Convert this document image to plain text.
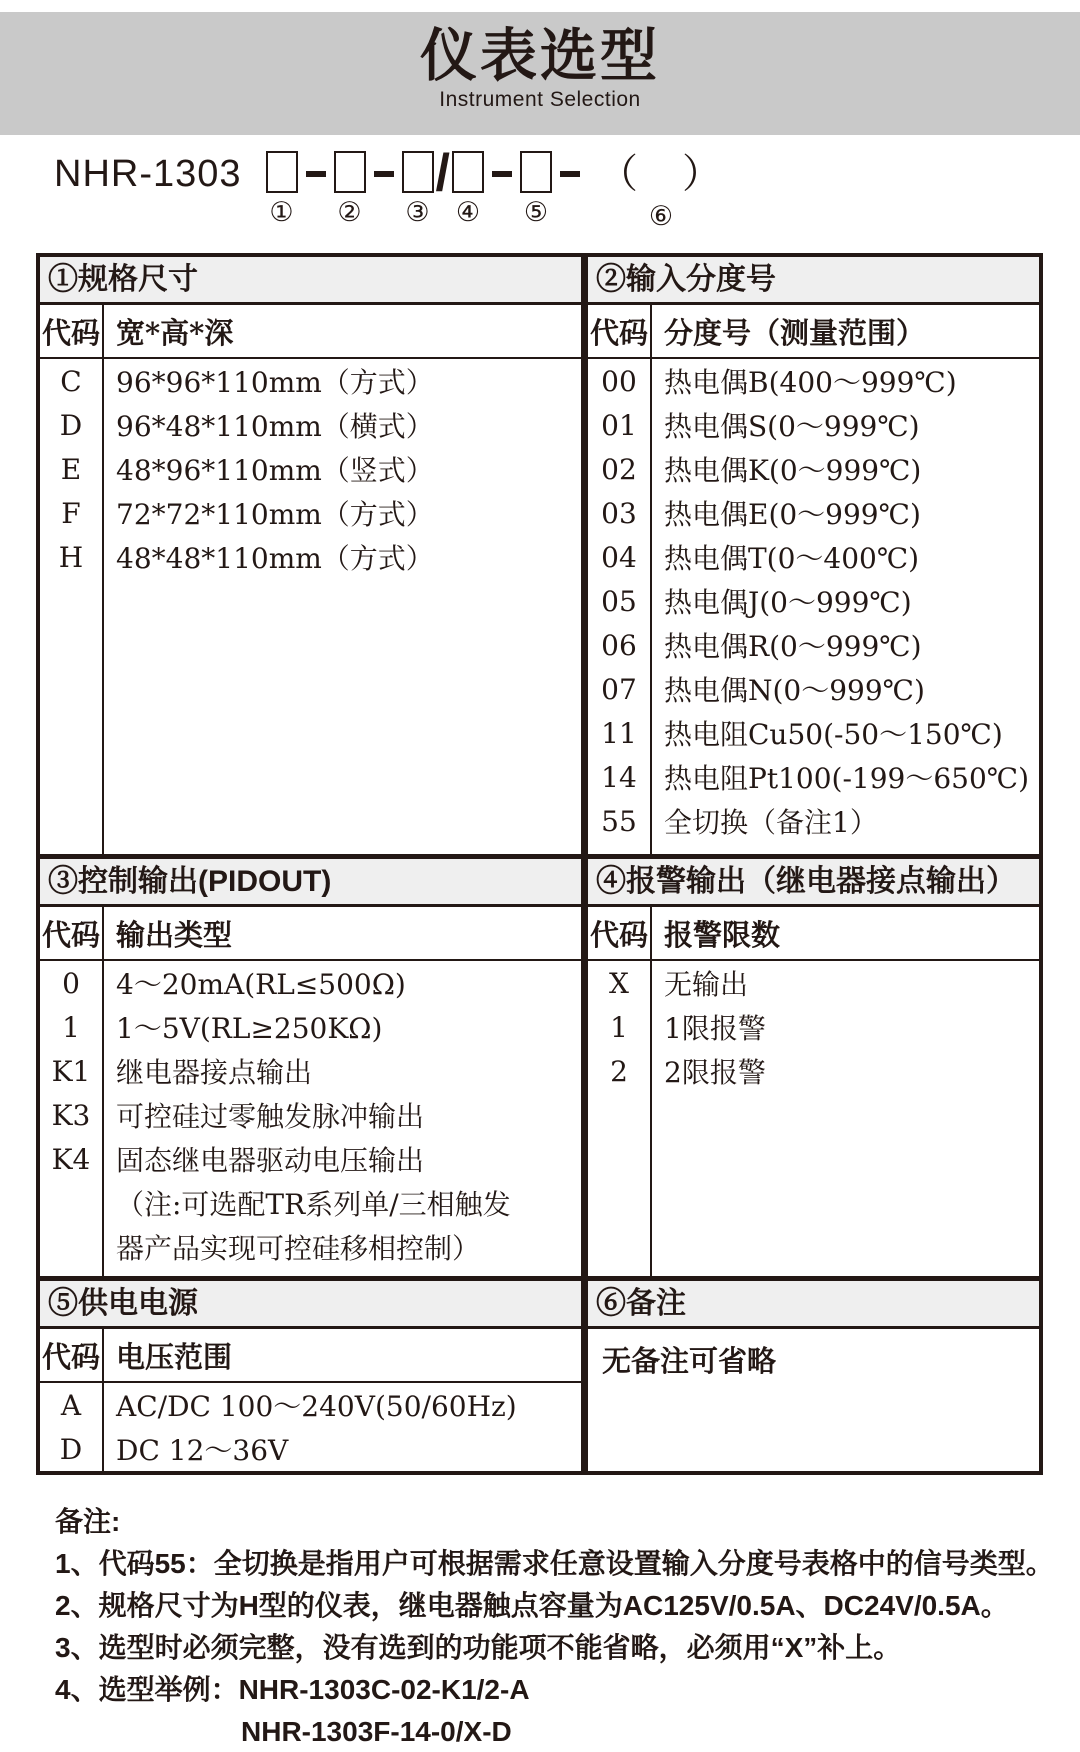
仪表选型
Instrument Selection
NHR-1303
① ② ③
/
④ ⑤
（　）
⑥
①规格尺寸
代码 宽*高*深
C	96*96*110mm（方式）
D	96*48*110mm（横式）
E	48*96*110mm（竖式）
F	72*72*110mm（方式）
H	48*48*110mm（方式）
②输入分度号
代码 分度号（测量范围）
00 热电偶B(400～999℃)
01 热电偶S(0～999℃)
02 热电偶K(0～999℃)
03 热电偶E(0～999℃)
04 热电偶T(0～400℃)
05 热电偶J(0～999℃)
06 热电偶R(0～999℃)
07 热电偶N(0～999℃)
11 热电阻Cu50(-50～150℃)
14 热电阻Pt100(-199～650℃)
55 全切换（备注1）
③控制输出(PIDOUT)
代码 输出类型
0	4～20mA(RL≤500Ω)
1	1～5V(RL≥250KΩ)
K1 继电器接点输出
K3 可控硅过零触发脉冲输出
K4 固态继电器驱动电压输出
（注:可选配TR系列单/三相触发
器产品实现可控硅移相控制）
④报警输出（继电器接点输出）
代码 报警限数
X	无输出
1	1限报警
2	2限报警
⑤供电电源
代码 电压范围
A	AC/DC 100～240V(50/60Hz)
D	DC 12～36V
⑥备注
无备注可省略
备注:
1、代码55：全切换是指用户可根据需求任意设置输入分度号表格中的信号类型。
2、规格尺寸为H型的仪表，继电器触点容量为AC125V/0.5A、DC24V/0.5A。
3、选型时必须完整，没有选到的功能项不能省略，必须用“X”补上。
4、选型举例：NHR-1303C-02-K1/2-A
NHR-1303F-14-0/X-D
